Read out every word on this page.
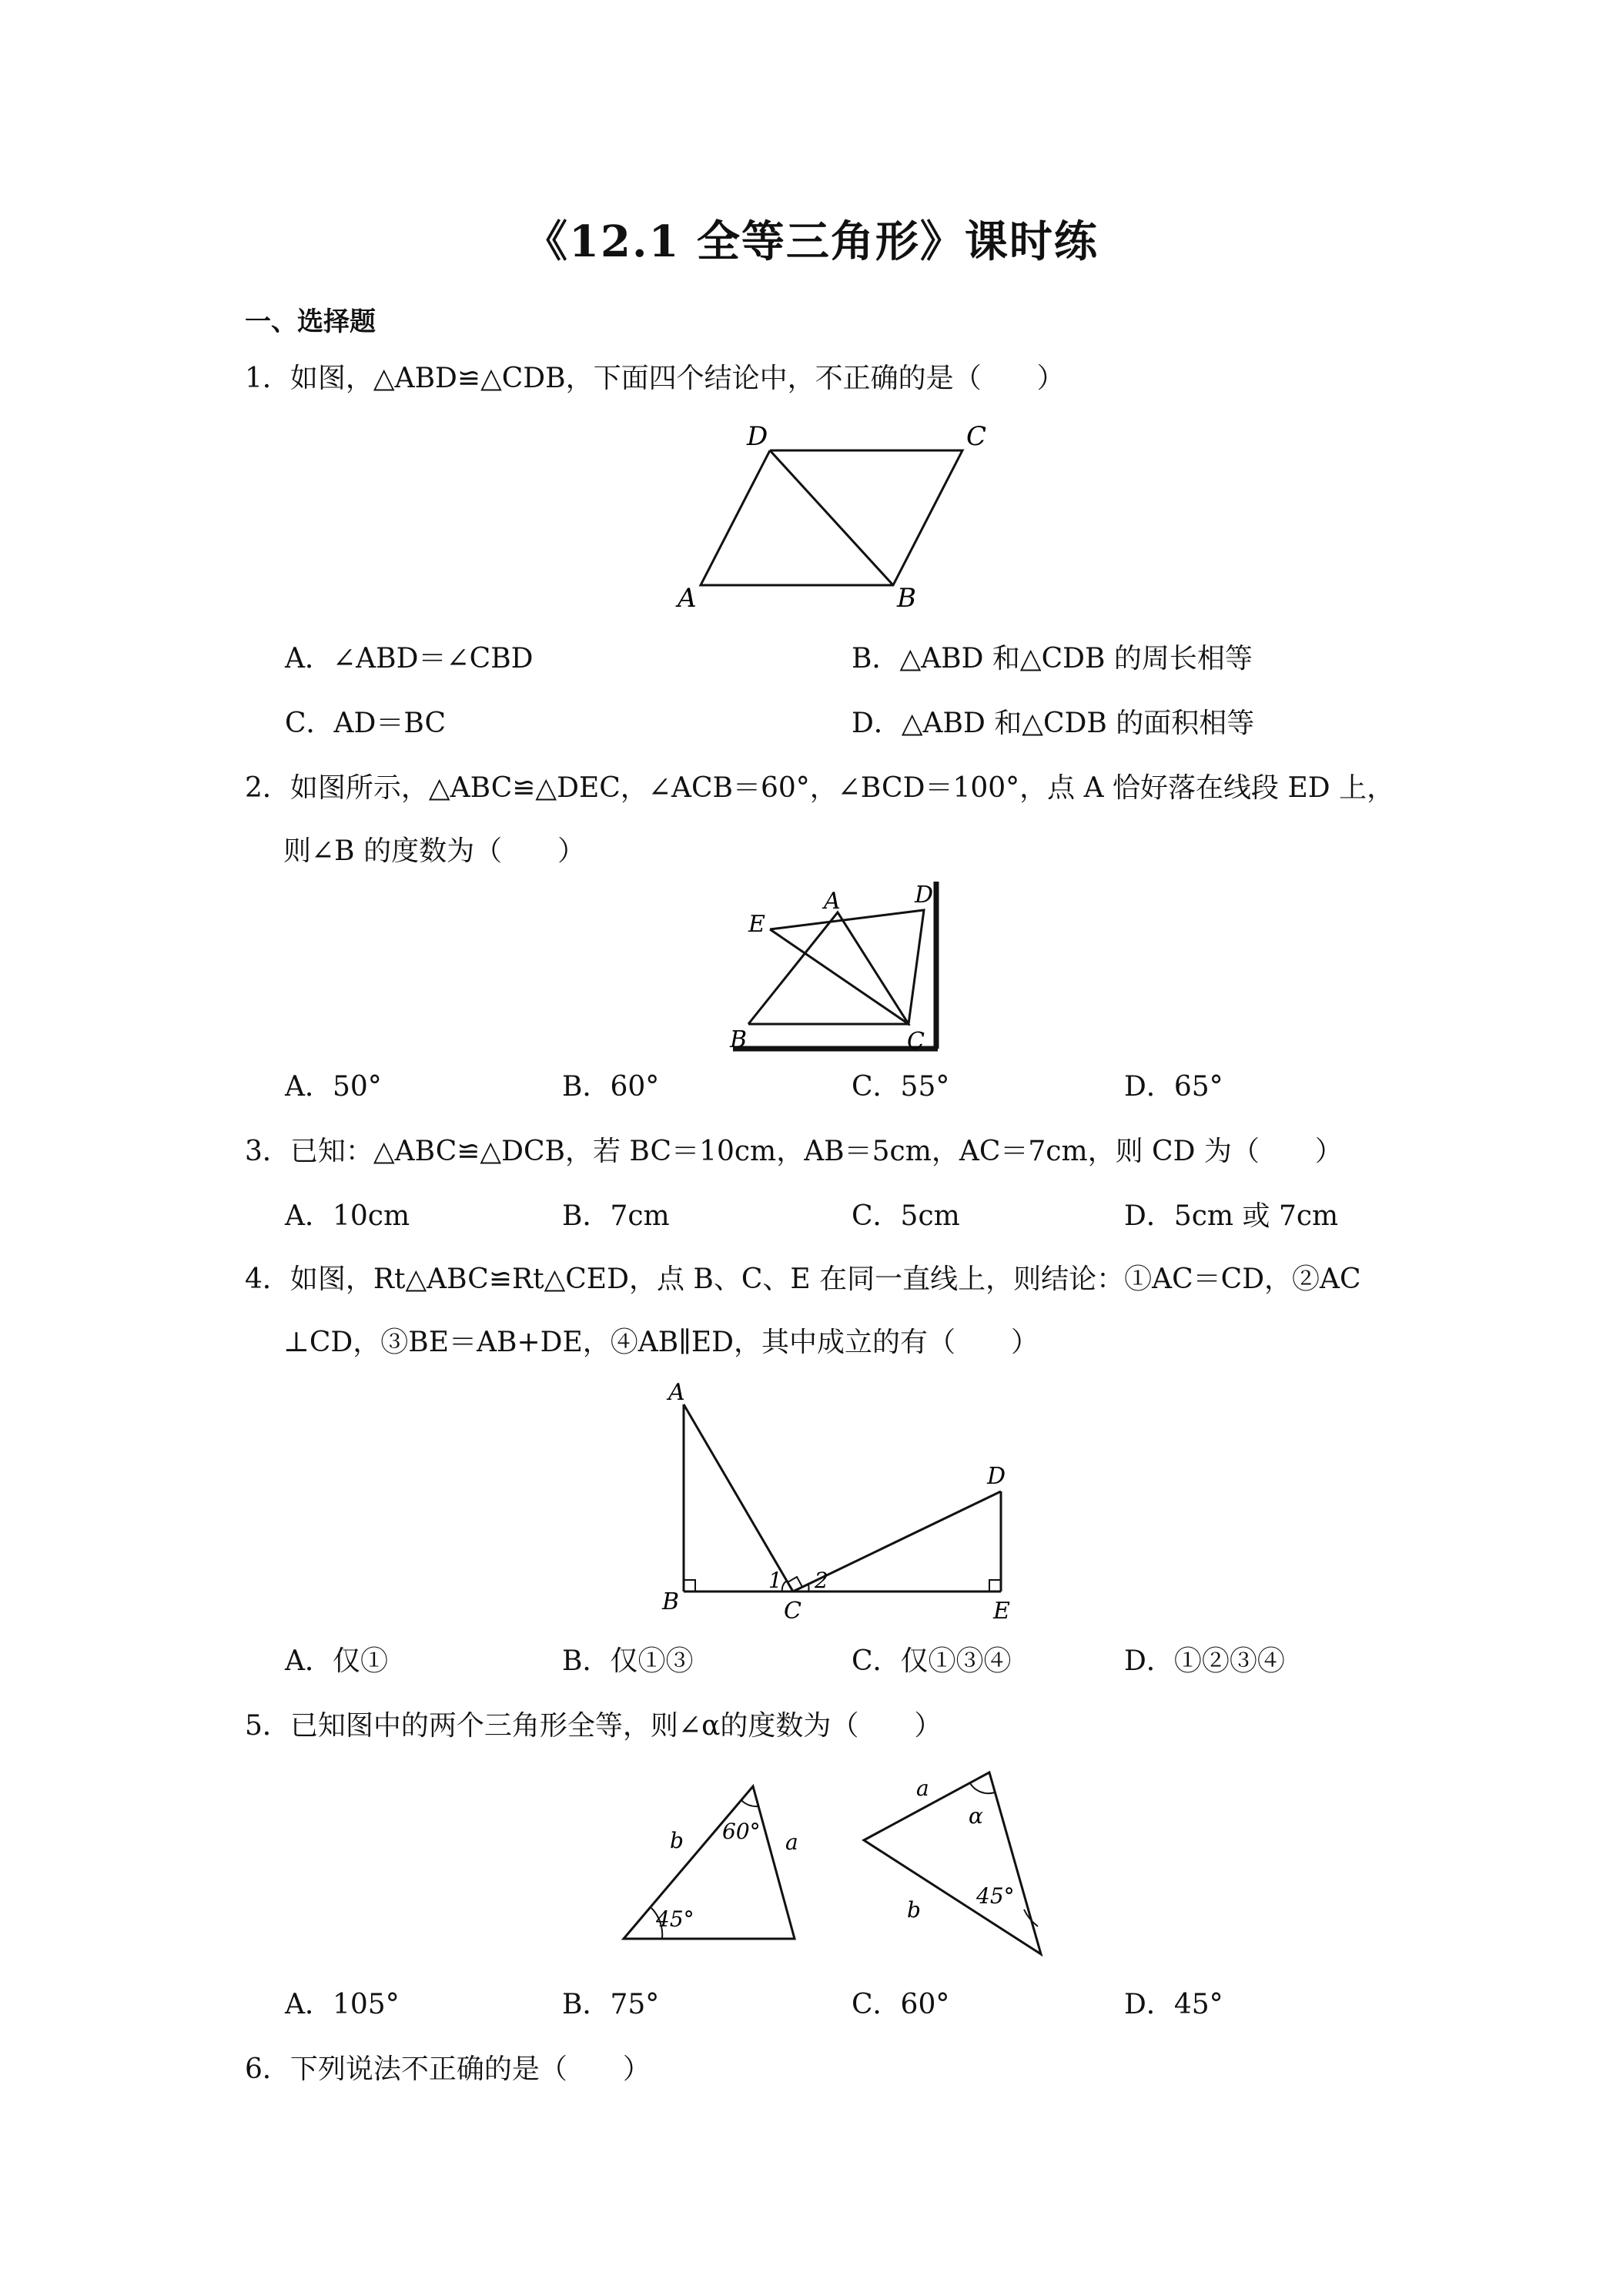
《12.1 全等三角形》课时练
一、选择题
1．如图，△ABD≌△CDB，下面四个结论中，不正确的是（　　）
D	C
A	B
A．∠ABD＝∠CBD	B．△ABD 和△CDB 的周长相等
C．AD＝BC	D．△ABD 和△CDB 的面积相等
2．如图所示，△ABC≌△DEC，∠ACB＝60°，∠BCD＝100°，点 A 恰好落在线段 ED 上，
则∠B 的度数为（　　）
E
A	D
B	C
A．50°	B．60°	C．55°	D．65°
3．已知：△ABC≌△DCB，若 BC＝10cm，AB＝5cm，AC＝7cm，则 CD 为（　　）
A．10cm	B．7cm	C．5cm	D．5cm 或 7cm
4．如图，Rt△ABC≌Rt△CED，点 B、C、E 在同一直线上，则结论：①AC＝CD，②AC
⊥CD，③BE＝AB+DE，④AB∥ED，其中成立的有（　　）
A
D
B
1
C
2
E
A．仅①	B．仅①③	C．仅①③④	D．①②③④
5．已知图中的两个三角形全等，则∠α的度数为（　　）
b 60° a
45°
a
α
45°
b
A．105°	B．75°	C．60°	D．45°
6．下列说法不正确的是（　　）
